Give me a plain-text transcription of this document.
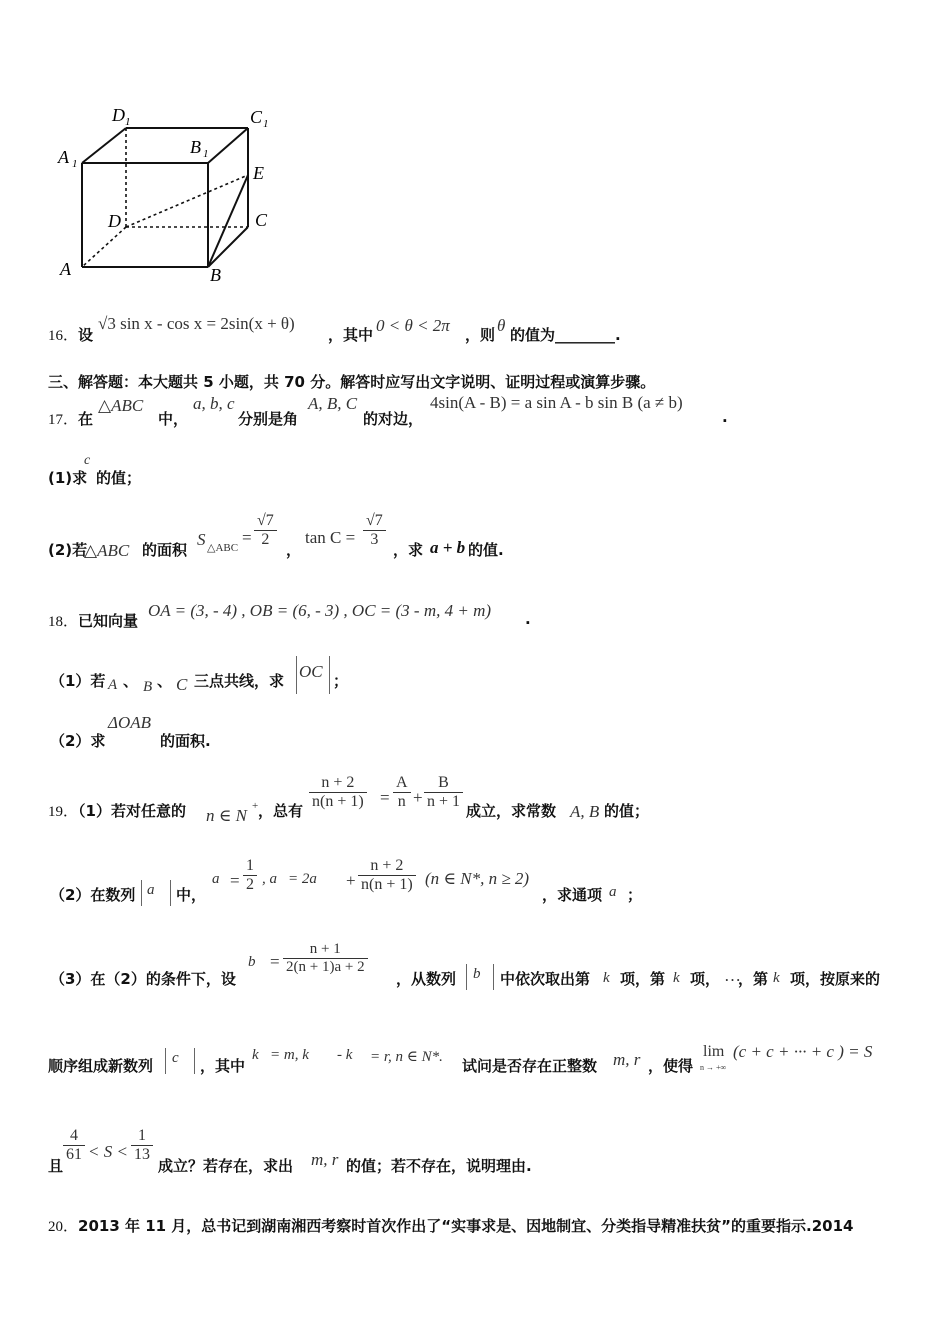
D 1	C 1
A 1
B 1
E
D	C
A	B
16．设
√3 sin x - cos x = 2sin(x + θ)
，其中 0 < θ < 2π ，则 θ 的值为________.
三、解答题：本大题共 5 小题，共 70 分。解答时应写出文字说明、证明过程或演算步骤。
17．在
△ABC
中，
a, b, c
分别是角
A, B, C
的对边，
4sin(A - B) = a sin A - b sin B (a ≠ b)
.
(1)求
c
的值；
(2)若
△ABC 的面积
S △ABC
= $\frac{√7}{2}$
，
$\tan C = \frac{√7}{3}$
，求 a + b 的值.
18．已知向量
OA = (3, - 4) , OB = (6, - 3) , OC = (3 - m, 4 + m) .
（1）若 A 、 B 、 C 三点共线，求 OC ；
（2）求
ΔOAB
的面积.
19．（1）若对任意的 n ∈ N + ，总有 $\frac{n + 2}{n(n + 1)} = \frac{A}{n} + \frac{B}{n + 1}$ 成立，求常数 A, B 的值；
（2）在数列 a 中，
$a = \frac{1}{2}$ , $a = 2a + \frac{n + 2}{n(n + 1)} (n$ ∈ N*, n ≥ 2)
，求通项 a ；
（3）在（2）的条件下，设
$b = \frac{n + 1}{2(n + 1)a + 2}$
，从数列 b 中依次取出第 k 项，第 k 项， …
，第 k 项，按原来的
顺序组成新数列 c ，其中
k = m, k - k = r, n ∈ N*. 试问是否存在正整数 m, r ，使得
lim
n → +∞
(c + c + ··· + c ) = S
且
$\frac{4}{61} < S < \frac{1}{13}$
成立？若存在，求出 m, r 的值；若不存在，说明理由.
20．2013 年 11 月，总书记到湖南湘西考察时首次作出了“实事求是、因地制宜、分类指导精准扶贫”的重要指示.2014
